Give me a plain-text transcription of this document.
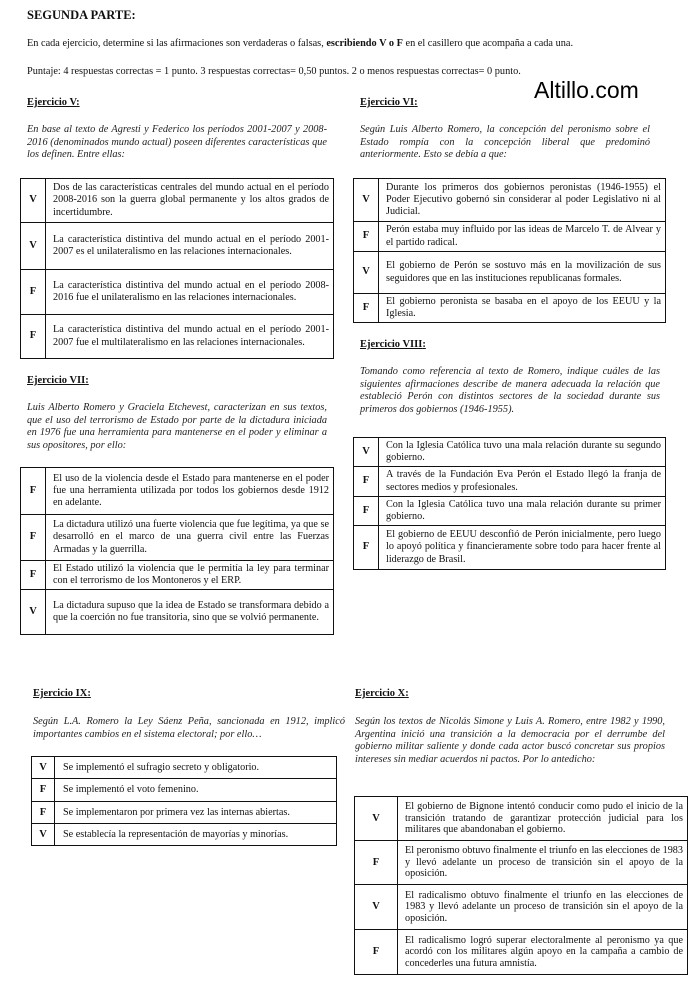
SEGUNDA PARTE:
En cada ejercicio, determine si las afirmaciones son verdaderas o falsas, escribiendo V o F en el casillero que acompaña a cada una.
Puntaje: 4 respuestas correctas = 1 punto. 3 respuestas correctas= 0,50 puntos. 2 o menos respuestas correctas= 0 punto.
Altillo.com
Ejercicio V:
En base al texto de Agresti y Federico los períodos 2001-2007 y 2008-2016 (denominados mundo actual) poseen diferentes características que los definen. Entre ellas:
V	Dos de las características centrales del mundo actual en el período 2008-2016 son la guerra global permanente y los altos grados de incertidumbre.
V	La característica distintiva del mundo actual en el período 2001-2007 es el unilateralismo en las relaciones internacionales.
F	La característica distintiva del mundo actual en el período 2008-2016 fue el unilateralismo en las relaciones internacionales.
F	La característica distintiva del mundo actual en el período 2001-2007 fue el multilateralismo en las relaciones internacionales.
Ejercicio VI:
Según Luis Alberto Romero, la concepción del peronismo sobre el Estado rompía con la concepción liberal que predominó anteriormente. Esto se debía a que:
V	Durante los primeros dos gobiernos peronistas (1946-1955) el Poder Ejecutivo gobernó sin considerar al poder Legislativo ni al Judicial.
F	Perón estaba muy influido por las ideas de Marcelo T. de Alvear y el partido radical.
V	El gobierno de Perón se sostuvo más en la movilización de sus seguidores que en las instituciones republicanas formales.
F	El gobierno peronista se basaba en el apoyo de los EEUU y la Iglesia.
Ejercicio VII:
Luis Alberto Romero y Graciela Etchevest, caracterizan en sus textos, que el uso del terrorismo de Estado por parte de la dictadura iniciada en 1976 fue una herramienta para mantenerse en el poder y eliminar a sus opositores, por ello:
F	El uso de la violencia desde el Estado para mantenerse en el poder fue una herramienta utilizada por todos los gobiernos desde 1912 en adelante.
F	La dictadura utilizó una fuerte violencia que fue legítima, ya que se desarrolló en el marco de una guerra civil entre las Fuerzas Armadas y la guerrilla.
F	El Estado utilizó la violencia que le permitía la ley para terminar con el terrorismo de los Montoneros y el ERP.
V	La dictadura supuso que la idea de Estado se transformara debido a que la coerción no fue transitoria, sino que se volvió permanente.
Ejercicio VIII:
Tomando como referencia al texto de Romero, indique cuáles de las siguientes afirmaciones describe de manera adecuada la relación que estableció Perón con distintos sectores de la sociedad durante sus primeros dos gobiernos (1946-1955).
V	Con la Iglesia Católica tuvo una mala relación durante su segundo gobierno.
F	A través de la Fundación Eva Perón el Estado llegó la franja de sectores medios y profesionales.
F	Con la Iglesia Católica tuvo una mala relación durante su primer gobierno.
F	El gobierno de EEUU desconfió de Perón inicialmente, pero luego lo apoyó política y financieramente sobre todo para hacer frente al liderazgo de Brasil.
Ejercicio IX:
Según L.A. Romero la Ley Sáenz Peña, sancionada en 1912, implicó importantes cambios en el sistema electoral; por ello…
V	Se implementó el sufragio secreto y obligatorio.
F	Se implementó el voto femenino.
F	Se implementaron por primera vez las internas abiertas.
V	Se establecía la representación de mayorías y minorías.
Ejercicio X:
Según los textos de Nicolás Simone y Luis A. Romero, entre 1982 y 1990, Argentina inició una transición a la democracia por el derrumbe del gobierno militar saliente y donde cada actor buscó concretar sus propios intereses sin mediar acuerdos ni pactos. Por lo antedicho:
V	El gobierno de Bignone intentó conducir como pudo el inicio de la transición tratando de garantizar protección judicial para los militares que abandonaban el gobierno.
F	El peronismo obtuvo finalmente el triunfo en las elecciones de 1983 y llevó adelante un proceso de transición sin el apoyo de la oposición.
V	El radicalismo obtuvo finalmente el triunfo en las elecciones de 1983 y llevó adelante un proceso de transición sin el apoyo de la oposición.
F	El radicalismo logró superar electoralmente al peronismo ya que acordó con los militares algún apoyo en la campaña a cambio de concederles una futura amnistía.
